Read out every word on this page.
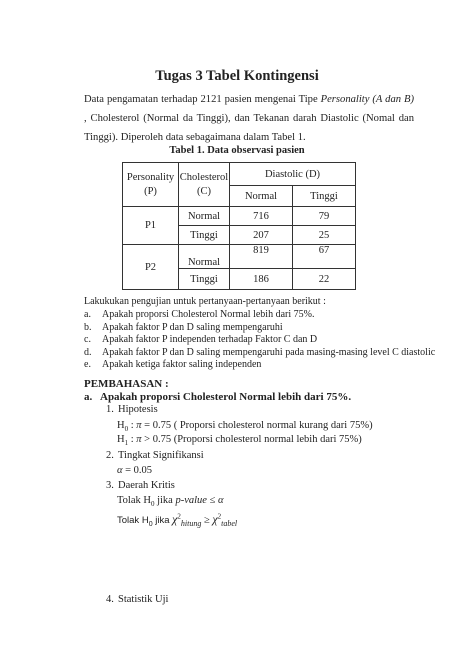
Tugas 3 Tabel Kontingensi
Data pengamatan terhadap 2121 pasien mengenai Tipe Personality (A dan B) , Cholesterol (Normal da Tinggi), dan Tekanan darah Diastolic (Nomal dan Tinggi). Diperoleh data sebagaimana dalam Tabel 1.
Tabel 1. Data observasi pasien
Personality (P)	Cholesterol (C)	Diastolic (D)	
		Normal	Tinggi
P1	Normal	716	79
	Tinggi	207	25
P2	Normal	819	67
	Tinggi	186	22
Lakukukan pengujian untuk pertanyaan-pertanyaan berikut :
a.	Apakah proporsi Cholesterol Normal lebih dari 75%.
b.	Apakah faktor P dan D saling mempengaruhi
c.	Apakah faktor P independen terhadap Faktor C dan D
d.	Apakah faktor P dan D saling mempengaruhi pada masing-masing level C diastolic
e.	Apakah ketiga faktor saling independen
PEMBAHASAN :
a. Apakah proporsi Cholesterol Normal lebih dari 75%.
1. Hipotesis
$H_0$ : π = 0.75 ( Proporsi cholesterol normal kurang dari 75%)
$H_1$ : π > 0.75 (Proporsi cholesterol normal lebih dari 75%)
2. Tingkat Signifikansi
α = 0.05
3. Daerah Kritis
Tolak $H_0$ jika p-value ≤ α
Tolak $H_0$ jika $\chi^2_{hitung} \ge \chi^2_{tabel}$
4. Statistik Uji
